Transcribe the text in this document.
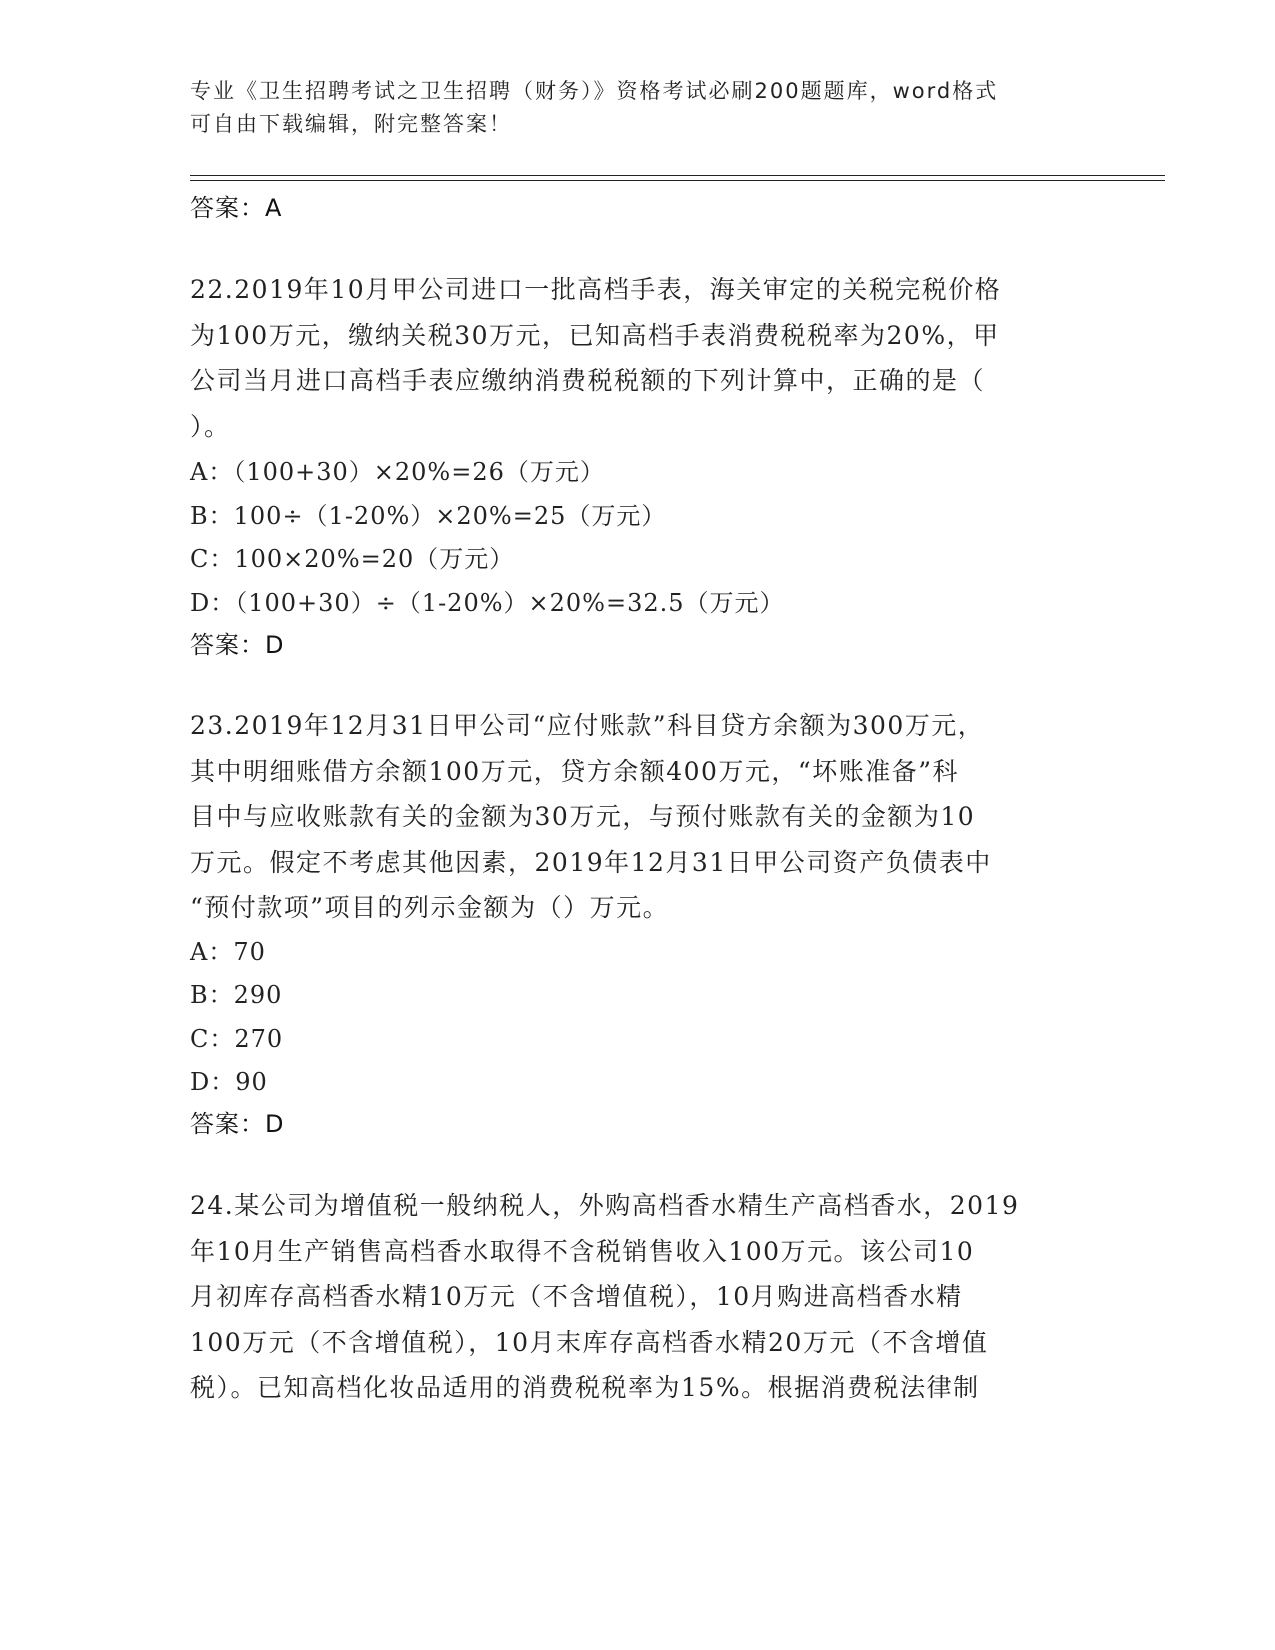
专业《卫生招聘考试之卫生招聘（财务）》资格考试必刷200题题库，word格式
可自由下载编辑，附完整答案！
答案：A

22.2019年10月甲公司进口一批高档手表，海关审定的关税完税价格

为100万元，缴纳关税30万元，已知高档手表消费税税率为20%，甲

公司当月进口高档手表应缴纳消费税税额的下列计算中，正确的是（

）。

A：（100+30）×20%=26（万元）
B：100÷（1-20%）×20%=25（万元）
C：100×20%=20（万元）
D：（100+30）÷（1-20%）×20%=32.5（万元）
答案：D

23.2019年12月31日甲公司“应付账款”科目贷方余额为300万元，

其中明细账借方余额100万元，贷方余额400万元，“坏账准备”科

目中与应收账款有关的金额为30万元，与预付账款有关的金额为10

万元。假定不考虑其他因素，2019年12月31日甲公司资产负债表中

“预付款项”项目的列示金额为（）万元。

A：70
B：290
C：270
D：90
答案：D

24.某公司为增值税一般纳税人，外购高档香水精生产高档香水，2019

年10月生产销售高档香水取得不含税销售收入100万元。该公司10

月初库存高档香水精10万元（不含增值税），10月购进高档香水精

100万元（不含增值税），10月末库存高档香水精20万元（不含增值

税）。已知高档化妆品适用的消费税税率为15%。根据消费税法律制
